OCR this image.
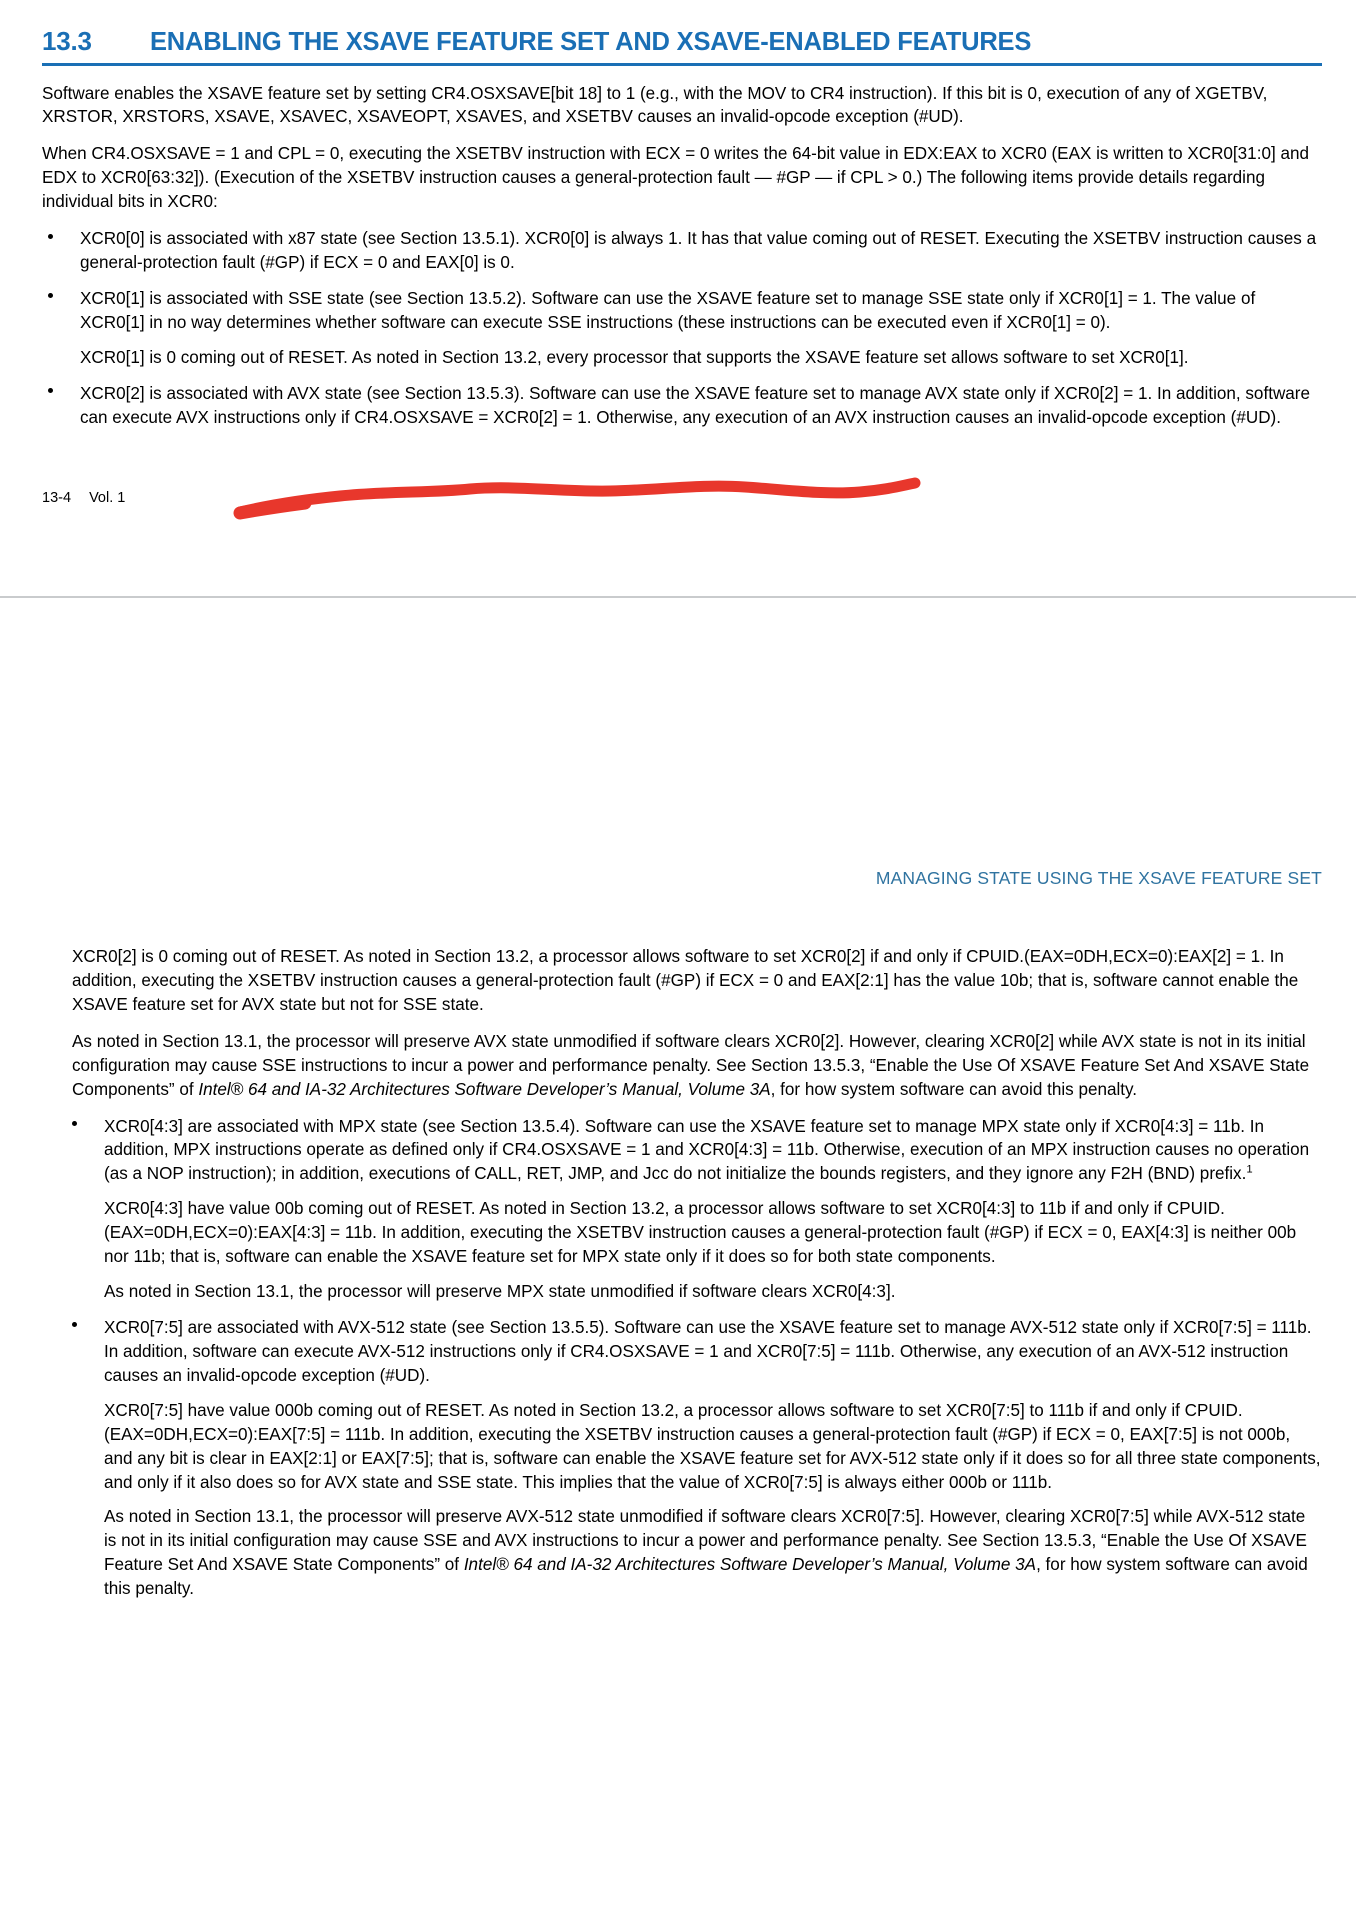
13.3	ENABLING THE XSAVE FEATURE SET AND XSAVE-ENABLED FEATURES

Software enables the XSAVE feature set by setting CR4.OSXSAVE[bit 18] to 1 (e.g., with the MOV to CR4 instruction). If this bit is 0, execution of any of XGETBV, XRSTOR, XRSTORS, XSAVE, XSAVEC, XSAVEOPT, XSAVES, and XSETBV causes an invalid-opcode exception (#UD).

When CR4.OSXSAVE = 1 and CPL = 0, executing the XSETBV instruction with ECX = 0 writes the 64-bit value in EDX:EAX to XCR0 (EAX is written to XCR0[31:0] and EDX to XCR0[63:32]). (Execution of the XSETBV instruction causes a general-protection fault — #GP — if CPL > 0.) The following items provide details regarding individual bits in XCR0:

XCR0[0] is associated with x87 state (see Section 13.5.1). XCR0[0] is always 1. It has that value coming out of RESET. Executing the XSETBV instruction causes a general-protection fault (#GP) if ECX = 0 and EAX[0] is 0.

XCR0[1] is associated with SSE state (see Section 13.5.2). Software can use the XSAVE feature set to manage SSE state only if XCR0[1] = 1. The value of XCR0[1] in no way determines whether software can execute SSE instructions (these instructions can be executed even if XCR0[1] = 0).

XCR0[1] is 0 coming out of RESET. As noted in Section 13.2, every processor that supports the XSAVE feature set allows software to set XCR0[1].

XCR0[2] is associated with AVX state (see Section 13.5.3). Software can use the XSAVE feature set to manage AVX state only if XCR0[2] = 1. In addition, software can execute AVX instructions only if CR4.OSXSAVE = XCR0[2] = 1. Otherwise, any execution of an AVX instruction causes an invalid-opcode exception (#UD).

13-4 Vol. 1
MANAGING STATE USING THE XSAVE FEATURE SET

XCR0[2] is 0 coming out of RESET. As noted in Section 13.2, a processor allows software to set XCR0[2] if and only if CPUID.(EAX=0DH,ECX=0):EAX[2] = 1. In addition, executing the XSETBV instruction causes a general-protection fault (#GP) if ECX = 0 and EAX[2:1] has the value 10b; that is, software cannot enable the XSAVE feature set for AVX state but not for SSE state.

As noted in Section 13.1, the processor will preserve AVX state unmodified if software clears XCR0[2]. However, clearing XCR0[2] while AVX state is not in its initial configuration may cause SSE instructions to incur a power and performance penalty. See Section 13.5.3, “Enable the Use Of XSAVE Feature Set And XSAVE State Components” of Intel® 64 and IA-32 Architectures Software Developer’s Manual, Volume 3A, for how system software can avoid this penalty.

XCR0[4:3] are associated with MPX state (see Section 13.5.4). Software can use the XSAVE feature set to manage MPX state only if XCR0[4:3] = 11b. In addition, MPX instructions operate as defined only if CR4.OSXSAVE = 1 and XCR0[4:3] = 11b. Otherwise, execution of an MPX instruction causes no operation (as a NOP instruction); in addition, executions of CALL, RET, JMP, and Jcc do not initialize the bounds registers, and they ignore any F2H (BND) prefix.$^1$

XCR0[4:3] have value 00b coming out of RESET. As noted in Section 13.2, a processor allows software to set XCR0[4:3] to 11b if and only if CPUID.(EAX=0DH,ECX=0):EAX[4:3] = 11b. In addition, executing the XSETBV instruction causes a general-protection fault (#GP) if ECX = 0, EAX[4:3] is neither 00b nor 11b; that is, software can enable the XSAVE feature set for MPX state only if it does so for both state components.

As noted in Section 13.1, the processor will preserve MPX state unmodified if software clears XCR0[4:3].

XCR0[7:5] are associated with AVX-512 state (see Section 13.5.5). Software can use the XSAVE feature set to manage AVX-512 state only if XCR0[7:5] = 111b. In addition, software can execute AVX-512 instructions only if CR4.OSXSAVE = 1 and XCR0[7:5] = 111b. Otherwise, any execution of an AVX-512 instruction causes an invalid-opcode exception (#UD).

XCR0[7:5] have value 000b coming out of RESET. As noted in Section 13.2, a processor allows software to set XCR0[7:5] to 111b if and only if CPUID.(EAX=0DH,ECX=0):EAX[7:5] = 111b. In addition, executing the XSETBV instruction causes a general-protection fault (#GP) if ECX = 0, EAX[7:5] is not 000b, and any bit is clear in EAX[2:1] or EAX[7:5]; that is, software can enable the XSAVE feature set for AVX-512 state only if it does so for all three state components, and only if it also does so for AVX state and SSE state. This implies that the value of XCR0[7:5] is always either 000b or 111b.

As noted in Section 13.1, the processor will preserve AVX-512 state unmodified if software clears XCR0[7:5]. However, clearing XCR0[7:5] while AVX-512 state is not in its initial configuration may cause SSE and AVX instructions to incur a power and performance penalty. See Section 13.5.3, “Enable the Use Of XSAVE Feature Set And XSAVE State Components” of Intel® 64 and IA-32 Architectures Software Developer’s Manual, Volume 3A, for how system software can avoid this penalty.
